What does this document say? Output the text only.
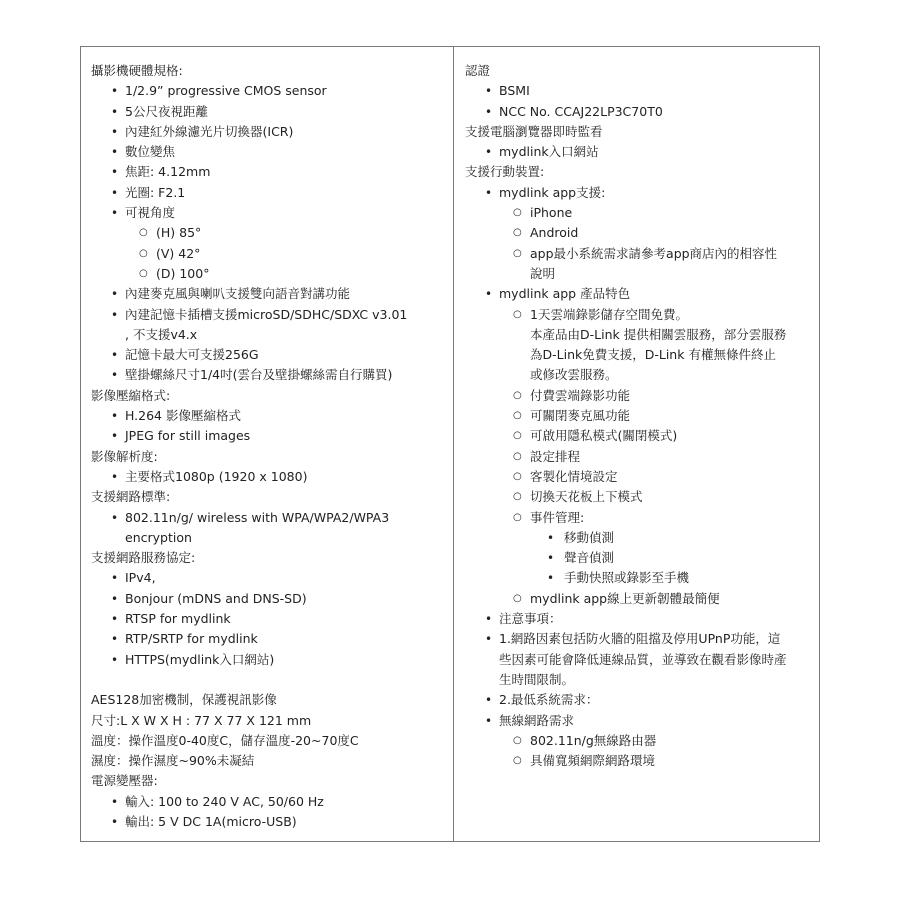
攝影機硬體規格:
• 1/2.9” progressive CMOS sensor
• 5公尺夜視距離
• 內建紅外線濾光片切換器(ICR)
• 數位變焦
• 焦距: 4.12mm
• 光圈: F2.1
• 可視角度
○ (H) 85°
○ (V) 42°
○ (D) 100°
• 內建麥克風與喇叭支援雙向語音對講功能
• 內建記憶卡插槽支援microSD/SDHC/SDXC v3.01
, 不支援v4.x
• 記憶卡最大可支援256G
• 壁掛螺絲尺寸1/4吋(雲台及壁掛螺絲需自行購買)
影像壓縮格式:
• H.264 影像壓縮格式
• JPEG for still images
影像解析度:
• 主要格式1080p (1920 x 1080)
支援網路標準:
• 802.11n/g/ wireless with WPA/WPA2/WPA3
encryption
支援網路服務協定:
• IPv4,
• Bonjour (mDNS and DNS-SD)
• RTSP for mydlink
• RTP/SRTP for mydlink
• HTTPS(mydlink入口網站)
AES128加密機制，保護視訊影像
尺寸:L X W X H : 77 X 77 X 121 mm
溫度：操作溫度0-40度C，儲存溫度-20~70度C
濕度：操作濕度~90%未凝結
電源變壓器:
• 輸入: 100 to 240 V AC, 50/60 Hz
• 輸出: 5 V DC 1A(micro-USB)
認證
• BSMI
• NCC No. CCAJ22LP3C70T0
支援電腦瀏覽器即時監看
• mydlink入口網站
支援行動裝置:
• mydlink app支援:
○ iPhone
○ Android
○ app最小系統需求請參考app商店內的相容性
說明
• mydlink app 產品特色
○ 1天雲端錄影儲存空間免費。
本產品由D-Link 提供相關雲服務，部分雲服務
為D-Link免費支援，D-Link 有權無條件終止
或修改雲服務。
○ 付費雲端錄影功能
○ 可關閉麥克風功能
○ 可啟用隱私模式(關閉模式)
○ 設定排程
○ 客製化情境設定
○ 切換天花板上下模式
○ 事件管理:
• 移動偵測
• 聲音偵測
• 手動快照或錄影至手機
○ mydlink app線上更新韌體最簡便
• 注意事項：
• 1.網路因素包括防火牆的阻擋及停用UPnP功能，這
些因素可能會降低連線品質，並導致在觀看影像時產
生時間限制。
• 2.最低系統需求：
• 無線網路需求
○ 802.11n/g無線路由器
○ 具備寬頻網際網路環境
